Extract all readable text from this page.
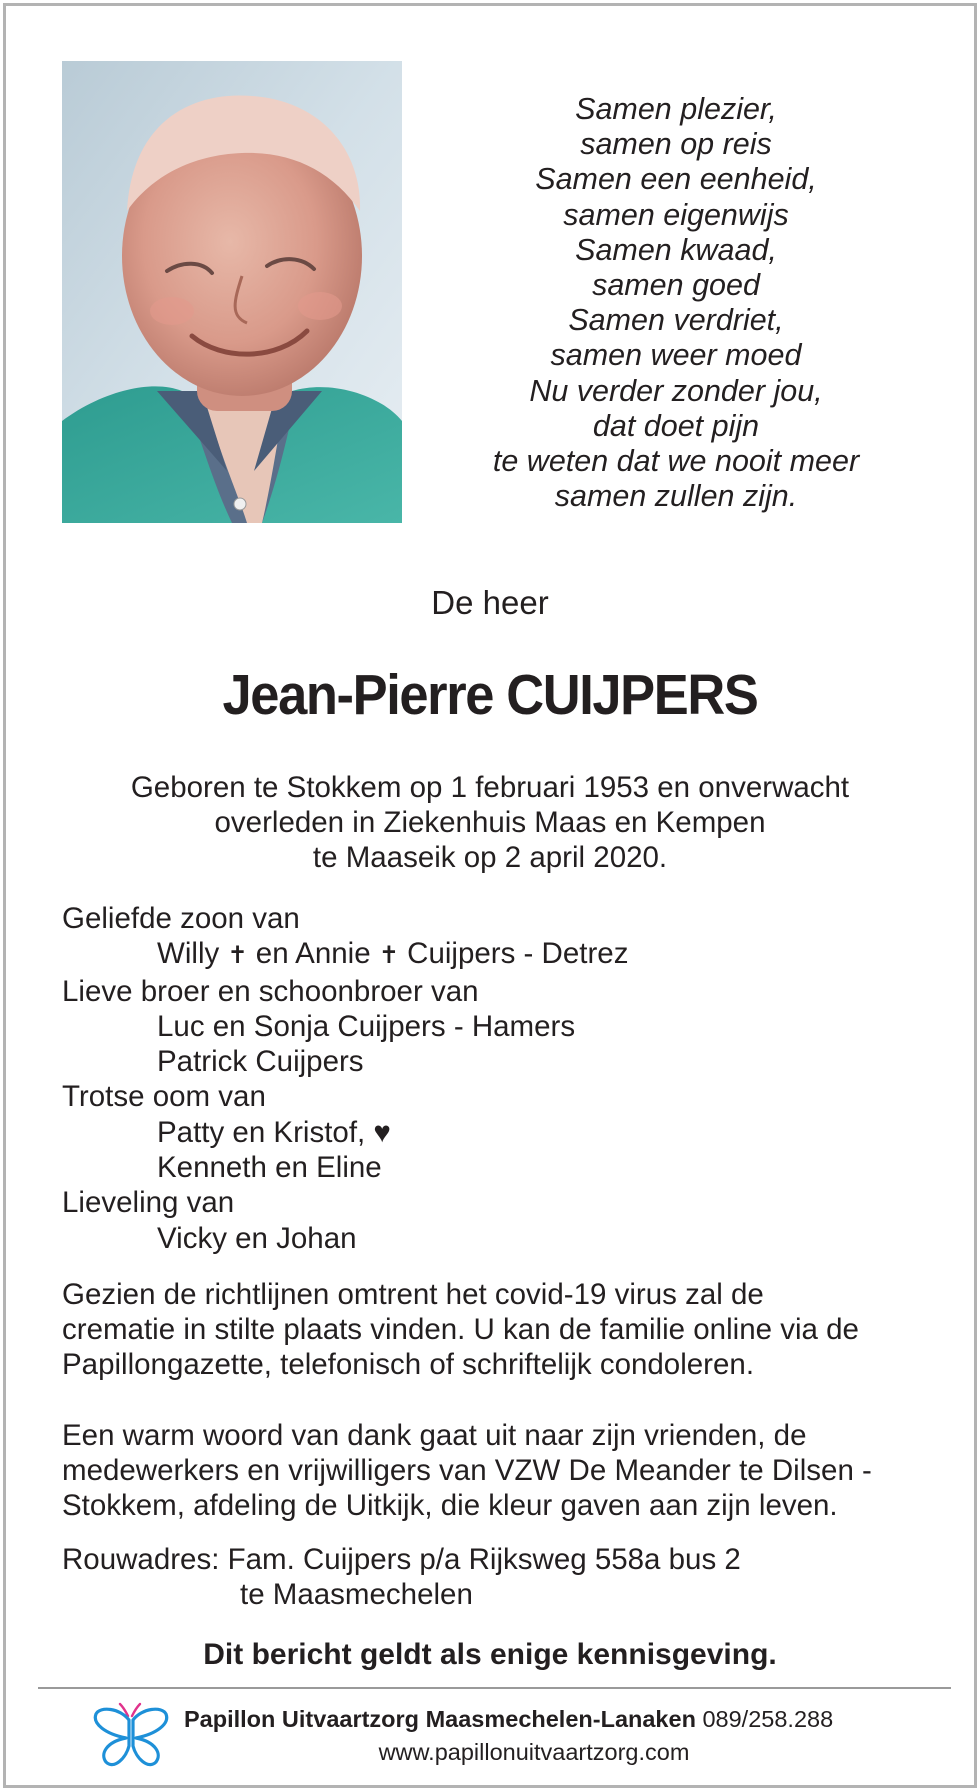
Samen plezier,
samen op reis
Samen een eenheid,
samen eigenwijs
Samen kwaad,
samen goed
Samen verdriet,
samen weer moed
Nu verder zonder jou,
dat doet pijn
te weten dat we nooit meer
samen zullen zijn.
De heer
Jean-Pierre CUIJPERS
Geboren te Stokkem op 1 februari 1953 en onverwacht
overleden in Ziekenhuis Maas en Kempen
te Maaseik op 2 april 2020.
Geliefde zoon van
Willy ✝ en Annie ✝ Cuijpers - Detrez
Lieve broer en schoonbroer van
Luc en Sonja Cuijpers - Hamers
Patrick Cuijpers
Trotse oom van
Patty en Kristof, ♥
Kenneth en Eline
Lieveling van
Vicky en Johan
Gezien de richtlijnen omtrent het covid-19 virus zal de
crematie in stilte plaats vinden. U kan de familie online via de
Papillongazette, telefonisch of schriftelijk condoleren.
Een warm woord van dank gaat uit naar zijn vrienden, de
medewerkers en vrijwilligers van VZW De Meander te Dilsen -
Stokkem, afdeling de Uitkijk, die kleur gaven aan zijn leven.
Rouwadres: Fam. Cuijpers p/a Rijksweg 558a bus 2
te Maasmechelen
Dit bericht geldt als enige kennisgeving.
Papillon Uitvaartzorg Maasmechelen-Lanaken 089/258.288
www.papillonuitvaartzorg.com
